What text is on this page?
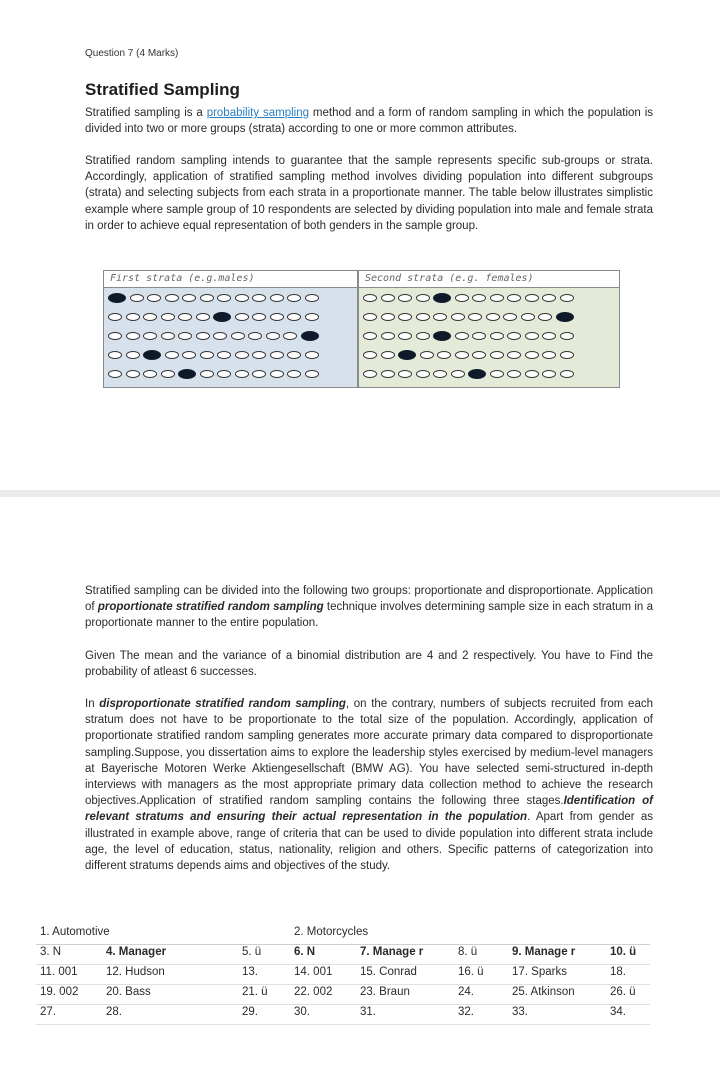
Question 7 (4 Marks)
Stratified Sampling

Stratified sampling is a probability sampling method and a form of random sampling in which the population is divided into two or more groups (strata) according to one or more common attributes.

Stratified random sampling intends to guarantee that the sample represents specific sub-groups or strata. Accordingly, application of stratified sampling method involves dividing population into different subgroups (strata) and selecting subjects from each strata in a proportionate manner. The table below illustrates simplistic example where sample group of 10 respondents are selected by dividing population into male and female strata in order to achieve equal representation of both genders in the sample group.

First strata (e.g.males)	Second strata (e.g. females)

Stratified sampling can be divided into the following two groups: proportionate and disproportionate. Application of proportionate stratified random sampling technique involves determining sample size in each stratum in a proportionate manner to the entire population.

Given The mean and the variance of a binomial distribution are 4 and 2 respectively. You have to Find the probability of atleast 6 successes.

In disproportionate stratified random sampling, on the contrary, numbers of subjects recruited from each stratum does not have to be proportionate to the total size of the population. Accordingly, application of proportionate stratified random sampling generates more accurate primary data compared to disproportionate sampling.Suppose, you dissertation aims to explore the leadership styles exercised by medium-level managers at Bayerische Motoren Werke Aktiengesellschaft (BMW AG). You have selected semi-structured in-depth interviews with managers as the most appropriate primary data collection method to achieve the research objectives.Application of stratified random sampling contains the following three stages.Identification of relevant stratums and ensuring their actual representation in the population. Apart from gender as illustrated in example above, range of criteria that can be used to divide population into different strata include age, the level of education, status, nationality, religion and others. Specific patterns of categorization into different stratums depends aims and objectives of the study.

1. Automotive			2. Motorcycles				
3. N	4. Manager	5. ü	6. N	7. Manage r	8. ü	9. Manage r	10. ü
11. 001	12. Hudson	13.	14. 001	15. Conrad	16. ü	17. Sparks	18.
19. 002	20. Bass	21. ü	22. 002	23. Braun	24.	25. Atkinson	26. ü
27.	28.	29.	30.	31.	32.	33.	34.
